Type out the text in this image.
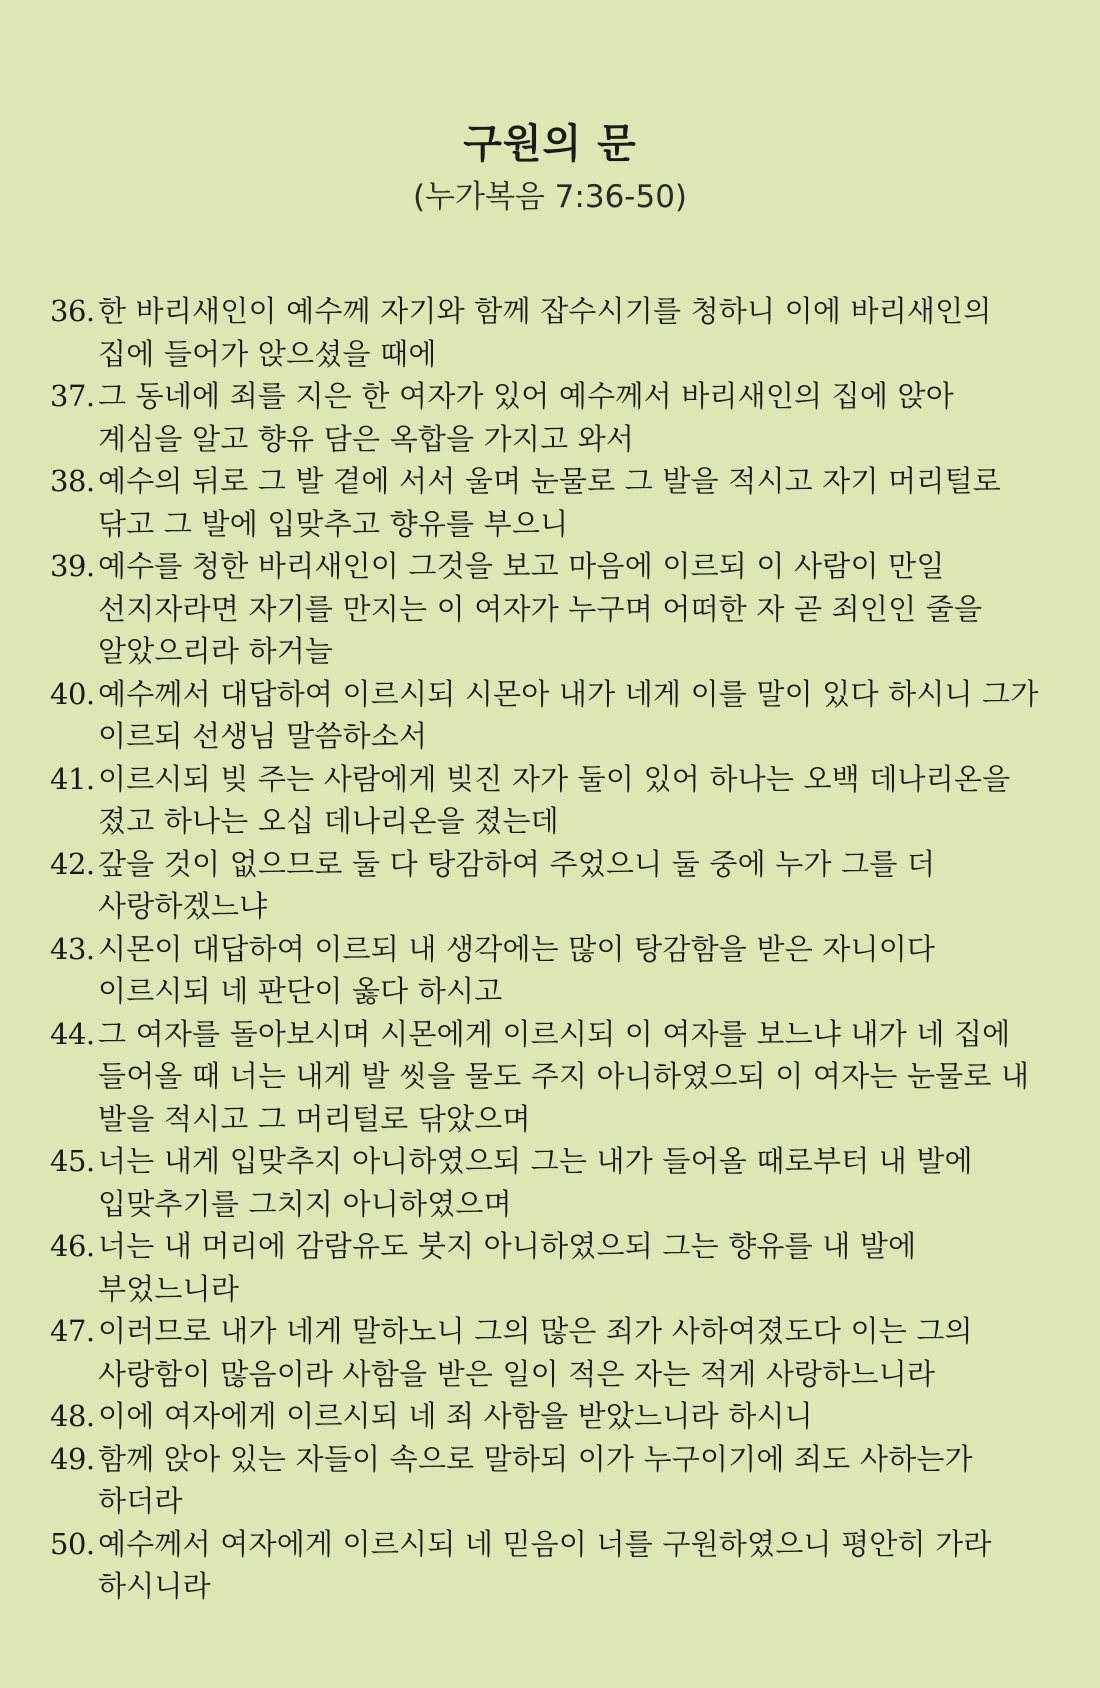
구원의 문
(누가복음 7:36-50)
36. 한 바리새인이 예수께 자기와 함께 잡수시기를 청하니 이에 바리새인의 집에 들어가 앉으셨을 때에
37. 그 동네에 죄를 지은 한 여자가 있어 예수께서 바리새인의 집에 앉아 계심을 알고 향유 담은 옥합을 가지고 와서
38. 예수의 뒤로 그 발 곁에 서서 울며 눈물로 그 발을 적시고 자기 머리털로 닦고 그 발에 입맞추고 향유를 부으니
39. 예수를 청한 바리새인이 그것을 보고 마음에 이르되 이 사람이 만일 선지자라면 자기를 만지는 이 여자가 누구며 어떠한 자 곧 죄인인 줄을 알았으리라 하거늘
40. 예수께서 대답하여 이르시되 시몬아 내가 네게 이를 말이 있다 하시니 그가 이르되 선생님 말씀하소서
41. 이르시되 빚 주는 사람에게 빚진 자가 둘이 있어 하나는 오백 데나리온을 졌고 하나는 오십 데나리온을 졌는데
42. 갚을 것이 없으므로 둘 다 탕감하여 주었으니 둘 중에 누가 그를 더 사랑하겠느냐
43. 시몬이 대답하여 이르되 내 생각에는 많이 탕감함을 받은 자니이다 이르시되 네 판단이 옳다 하시고
44. 그 여자를 돌아보시며 시몬에게 이르시되 이 여자를 보느냐 내가 네 집에 들어올 때 너는 내게 발 씻을 물도 주지 아니하였으되 이 여자는 눈물로 내 발을 적시고 그 머리털로 닦았으며
45. 너는 내게 입맞추지 아니하였으되 그는 내가 들어올 때로부터 내 발에 입맞추기를 그치지 아니하였으며
46. 너는 내 머리에 감람유도 붓지 아니하였으되 그는 향유를 내 발에 부었느니라
47. 이러므로 내가 네게 말하노니 그의 많은 죄가 사하여졌도다 이는 그의 사랑함이 많음이라 사함을 받은 일이 적은 자는 적게 사랑하느니라
48. 이에 여자에게 이르시되 네 죄 사함을 받았느니라 하시니
49. 함께 앉아 있는 자들이 속으로 말하되 이가 누구이기에 죄도 사하는가 하더라
50. 예수께서 여자에게 이르시되 네 믿음이 너를 구원하였으니 평안히 가라 하시니라
